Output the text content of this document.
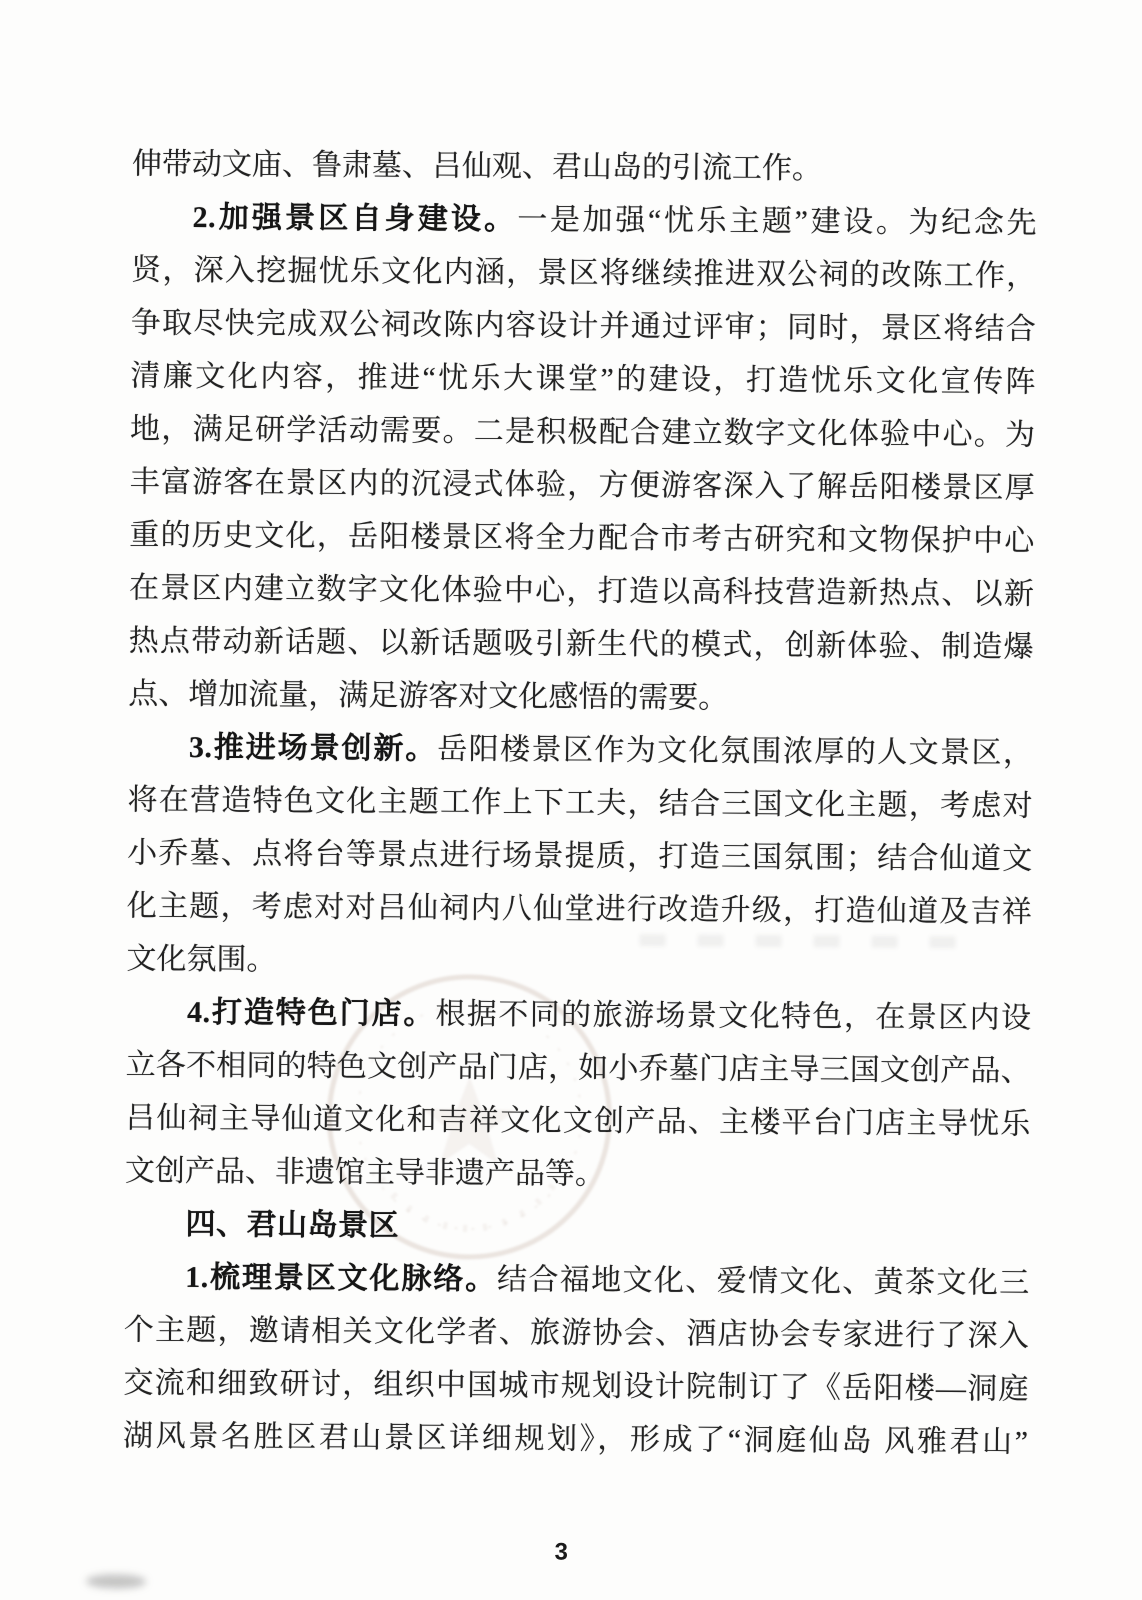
伸带动文庙、鲁肃墓、吕仙观、君山岛的引流工作。
2.加强景区自身建设。一是加强“忧乐主题”建设。为纪念先
贤，深入挖掘忧乐文化内涵，景区将继续推进双公祠的改陈工作，
争取尽快完成双公祠改陈内容设计并通过评审；同时，景区将结合
清廉文化内容，推进“忧乐大课堂”的建设，打造忧乐文化宣传阵
地，满足研学活动需要。二是积极配合建立数字文化体验中心。为
丰富游客在景区内的沉浸式体验，方便游客深入了解岳阳楼景区厚
重的历史文化，岳阳楼景区将全力配合市考古研究和文物保护中心
在景区内建立数字文化体验中心，打造以高科技营造新热点、以新
热点带动新话题、以新话题吸引新生代的模式，创新体验、制造爆
点、增加流量，满足游客对文化感悟的需要。
3.推进场景创新。岳阳楼景区作为文化氛围浓厚的人文景区，
将在营造特色文化主题工作上下工夫，结合三国文化主题，考虑对
小乔墓、点将台等景点进行场景提质，打造三国氛围；结合仙道文
化主题，考虑对对吕仙祠内八仙堂进行改造升级，打造仙道及吉祥
文化氛围。
4.打造特色门店。根据不同的旅游场景文化特色，在景区内设
立各不相同的特色文创产品门店，如小乔墓门店主导三国文创产品、
吕仙祠主导仙道文化和吉祥文化文创产品、主楼平台门店主导忧乐
文创产品、非遗馆主导非遗产品等。
四、君山岛景区
1.梳理景区文化脉络。结合福地文化、爱情文化、黄茶文化三
个主题，邀请相关文化学者、旅游协会、酒店协会专家进行了深入
交流和细致研讨，组织中国城市规划设计院制订了《岳阳楼—洞庭
湖风景名胜区君山景区详细规划》，形成了“洞庭仙岛 风雅君山”
3
